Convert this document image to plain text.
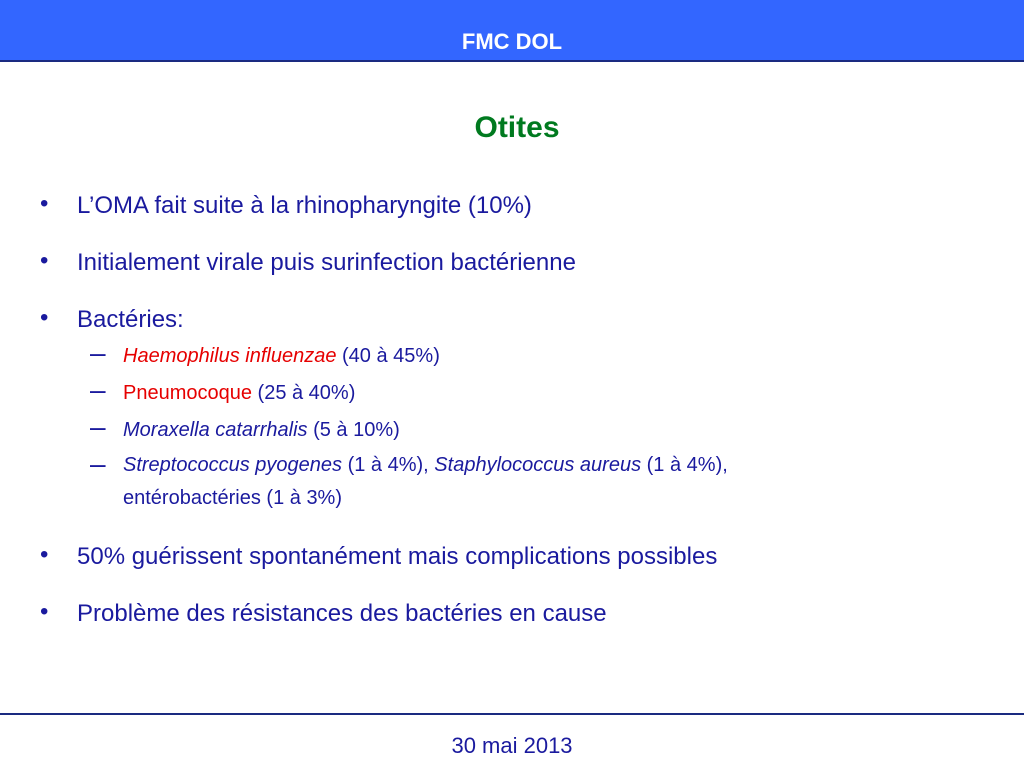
FMC DOL
Otites
• L’OMA fait suite à la rhinopharyngite (10%)
• Initialement virale puis surinfection bactérienne
• Bactéries:
– Haemophilus influenzae (40 à 45%)
– Pneumocoque (25 à 40%)
– Moraxella catarrhalis (5 à 10%)
– Streptococcus pyogenes (1 à 4%), Staphylococcus aureus (1 à 4%),
entérobactéries (1 à 3%)
• 50% guérissent spontanément mais complications possibles
• Problème des résistances des bactéries en cause
30 mai 2013
